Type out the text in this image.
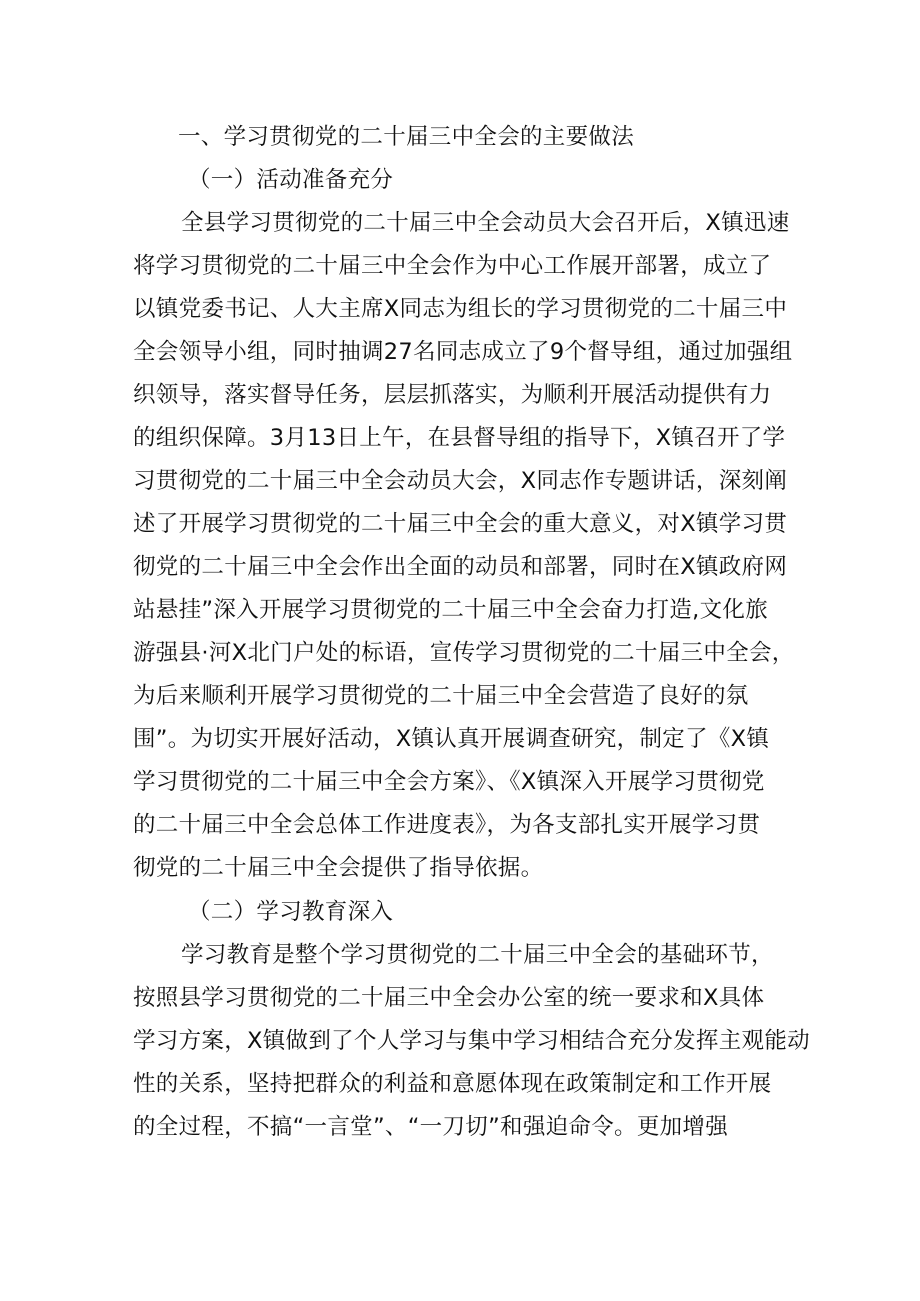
一、学习贯彻党的二十届三中全会的主要做法
（一）活动准备充分
全县学习贯彻党的二十届三中全会动员大会召开后，X镇迅速
将学习贯彻党的二十届三中全会作为中心工作展开部署，成立了
以镇党委书记、人大主席X同志为组长的学习贯彻党的二十届三中
全会领导小组，同时抽调27名同志成立了9个督导组，通过加强组
织领导，落实督导任务，层层抓落实，为顺利开展活动提供有力
的组织保障。3月13日上午，在县督导组的指导下，X镇召开了学
习贯彻党的二十届三中全会动员大会，X同志作专题讲话，深刻阐
述了开展学习贯彻党的二十届三中全会的重大意义，对X镇学习贯
彻党的二十届三中全会作出全面的动员和部署，同时在X镇政府网
站悬挂”深入开展学习贯彻党的二十届三中全会奋力打造,文化旅
游强县·河X北门户处的标语，宣传学习贯彻党的二十届三中全会，
为后来顺利开展学习贯彻党的二十届三中全会营造了良好的氛
围”。为切实开展好活动，X镇认真开展调查研究，制定了《X镇
学习贯彻党的二十届三中全会方案》、《X镇深入开展学习贯彻党
的二十届三中全会总体工作进度表》，为各支部扎实开展学习贯
彻党的二十届三中全会提供了指导依据。
（二）学习教育深入
学习教育是整个学习贯彻党的二十届三中全会的基础环节，
按照县学习贯彻党的二十届三中全会办公室的统一要求和X具体
学习方案，X镇做到了个人学习与集中学习相结合充分发挥主观能动
性的关系，坚持把群众的利益和意愿体现在政策制定和工作开展
的全过程，不搞“一言堂”、“一刀切”和强迫命令。更加增强
